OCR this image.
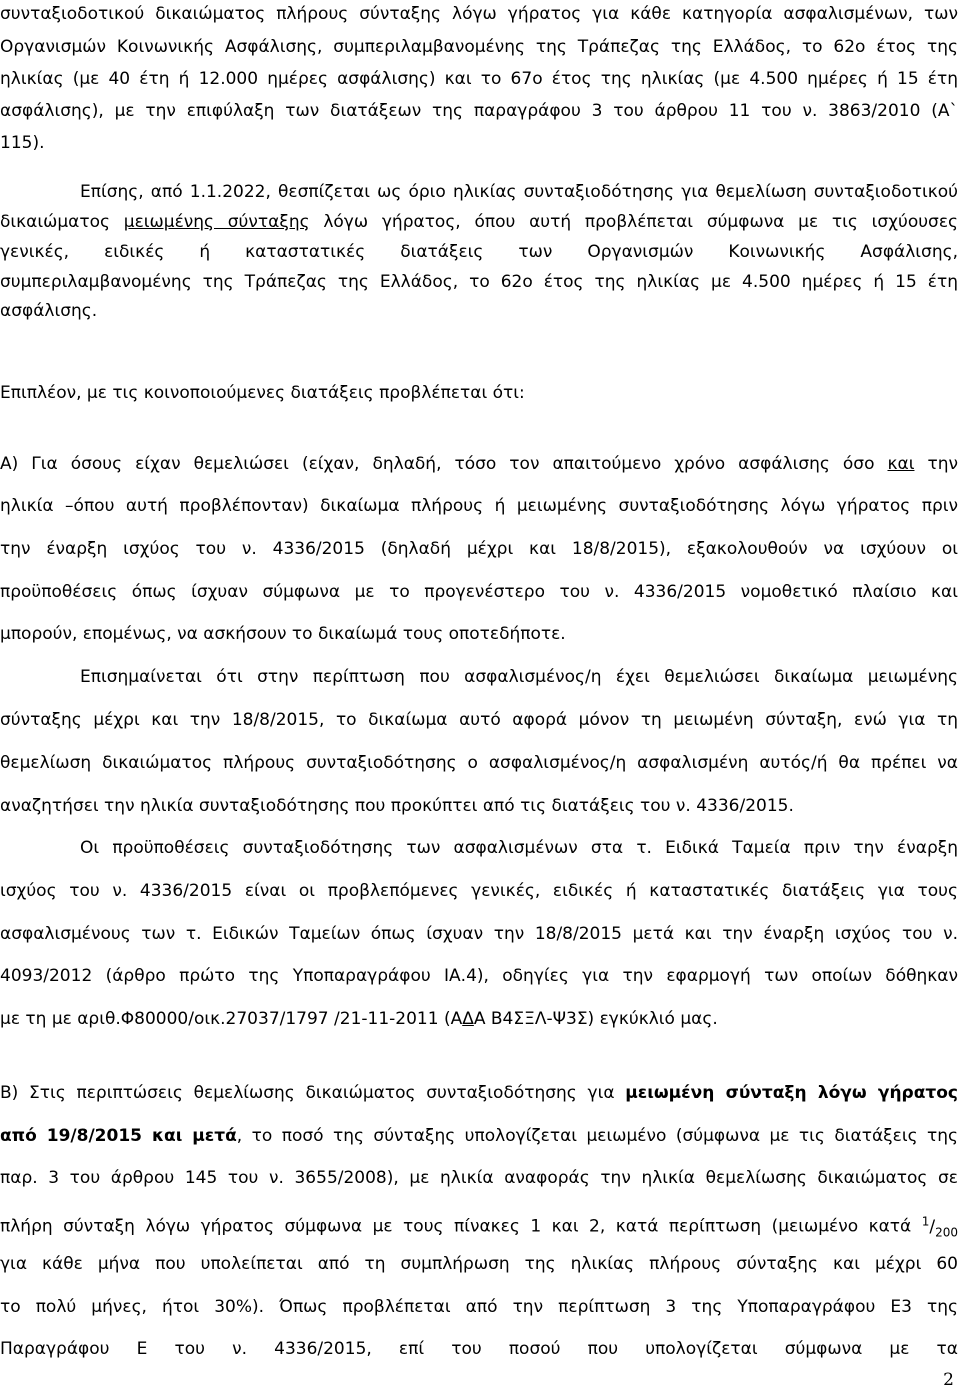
συνταξιοδοτικού δικαιώματος πλήρους σύνταξης λόγω γήρατος για κάθε κατηγορία ασφαλισμένων, των
Οργανισμών Κοινωνικής Ασφάλισης, συμπεριλαμβανομένης της Τράπεζας της Ελλάδος, το 62ο έτος της
ηλικίας (με 40 έτη ή 12.000 ημέρες ασφάλισης) και το 67ο έτος της ηλικίας (με 4.500 ημέρες ή 15 έτη
ασφάλισης), με την επιφύλαξη των διατάξεων της παραγράφου 3 του άρθρου 11 του ν. 3863/2010 (Α`
115).
Επίσης, από 1.1.2022, θεσπίζεται ως όριο ηλικίας συνταξιοδότησης για θεμελίωση συνταξιοδοτικού
δικαιώματος μειωμένης σύνταξης λόγω γήρατος, όπου αυτή προβλέπεται σύμφωνα με τις ισχύουσες
γενικές, ειδικές ή καταστατικές διατάξεις των Οργανισμών Κοινωνικής Ασφάλισης,
συμπεριλαμβανομένης της Τράπεζας της Ελλάδος, το 62ο έτος της ηλικίας με 4.500 ημέρες ή 15 έτη
ασφάλισης.
Επιπλέον, με τις κοινοποιούμενες διατάξεις προβλέπεται ότι:
Α) Για όσους είχαν θεμελιώσει (είχαν, δηλαδή, τόσο τον απαιτούμενο χρόνο ασφάλισης όσο και την
ηλικία –όπου αυτή προβλέπονταν) δικαίωμα πλήρους ή μειωμένης συνταξιοδότησης λόγω γήρατος πριν
την έναρξη ισχύος του ν. 4336/2015 (δηλαδή μέχρι και 18/8/2015), εξακολουθούν να ισχύουν οι
προϋποθέσεις όπως ίσχυαν σύμφωνα με το προγενέστερο του ν. 4336/2015 νομοθετικό πλαίσιο και
μπορούν, επομένως, να ασκήσουν το δικαίωμά τους οποτεδήποτε.
Επισημαίνεται ότι στην περίπτωση που ασφαλισμένος/η έχει θεμελιώσει δικαίωμα μειωμένης
σύνταξης μέχρι και την 18/8/2015, το δικαίωμα αυτό αφορά μόνον τη μειωμένη σύνταξη, ενώ για τη
θεμελίωση δικαιώματος πλήρους συνταξιοδότησης ο ασφαλισμένος/η ασφαλισμένη αυτός/ή θα πρέπει να
αναζητήσει την ηλικία συνταξιοδότησης που προκύπτει από τις διατάξεις του ν. 4336/2015.
Οι προϋποθέσεις συνταξιοδότησης των ασφαλισμένων στα τ. Ειδικά Ταμεία πριν την έναρξη
ισχύος του ν. 4336/2015 είναι οι προβλεπόμενες γενικές, ειδικές ή καταστατικές διατάξεις για τους
ασφαλισμένους των τ. Ειδικών Ταμείων όπως ίσχυαν την 18/8/2015 μετά και την έναρξη ισχύος του ν.
4093/2012 (άρθρο πρώτο της Υποπαραγράφου ΙΑ.4), οδηγίες για την εφαρμογή των οποίων δόθηκαν
με τη με αριθ.Φ80000/οικ.27037/1797 /21-11-2011 (ΑΔΑ Β4ΣΞΛ-Ψ3Σ) εγκύκλιό μας.
Β) Στις περιπτώσεις θεμελίωσης δικαιώματος συνταξιοδότησης για μειωμένη σύνταξη λόγω γήρατος
από 19/8/2015 και μετά, το ποσό της σύνταξης υπολογίζεται μειωμένο (σύμφωνα με τις διατάξεις της
παρ. 3 του άρθρου 145 του ν. 3655/2008), με ηλικία αναφοράς την ηλικία θεμελίωσης δικαιώματος σε
πλήρη σύνταξη λόγω γήρατος σύμφωνα με τους πίνακες 1 και 2, κατά περίπτωση (μειωμένο κατά $^1/_{200}$
για κάθε μήνα που υπολείπεται από τη συμπλήρωση της ηλικίας πλήρους σύνταξης και μέχρι 60
το πολύ μήνες, ήτοι 30%). Όπως προβλέπεται από την περίπτωση 3 της Υποπαραγράφου Ε3 της
Παραγράφου Ε του ν. 4336/2015, επί του ποσού που υπολογίζεται σύμφωνα με τα
2
